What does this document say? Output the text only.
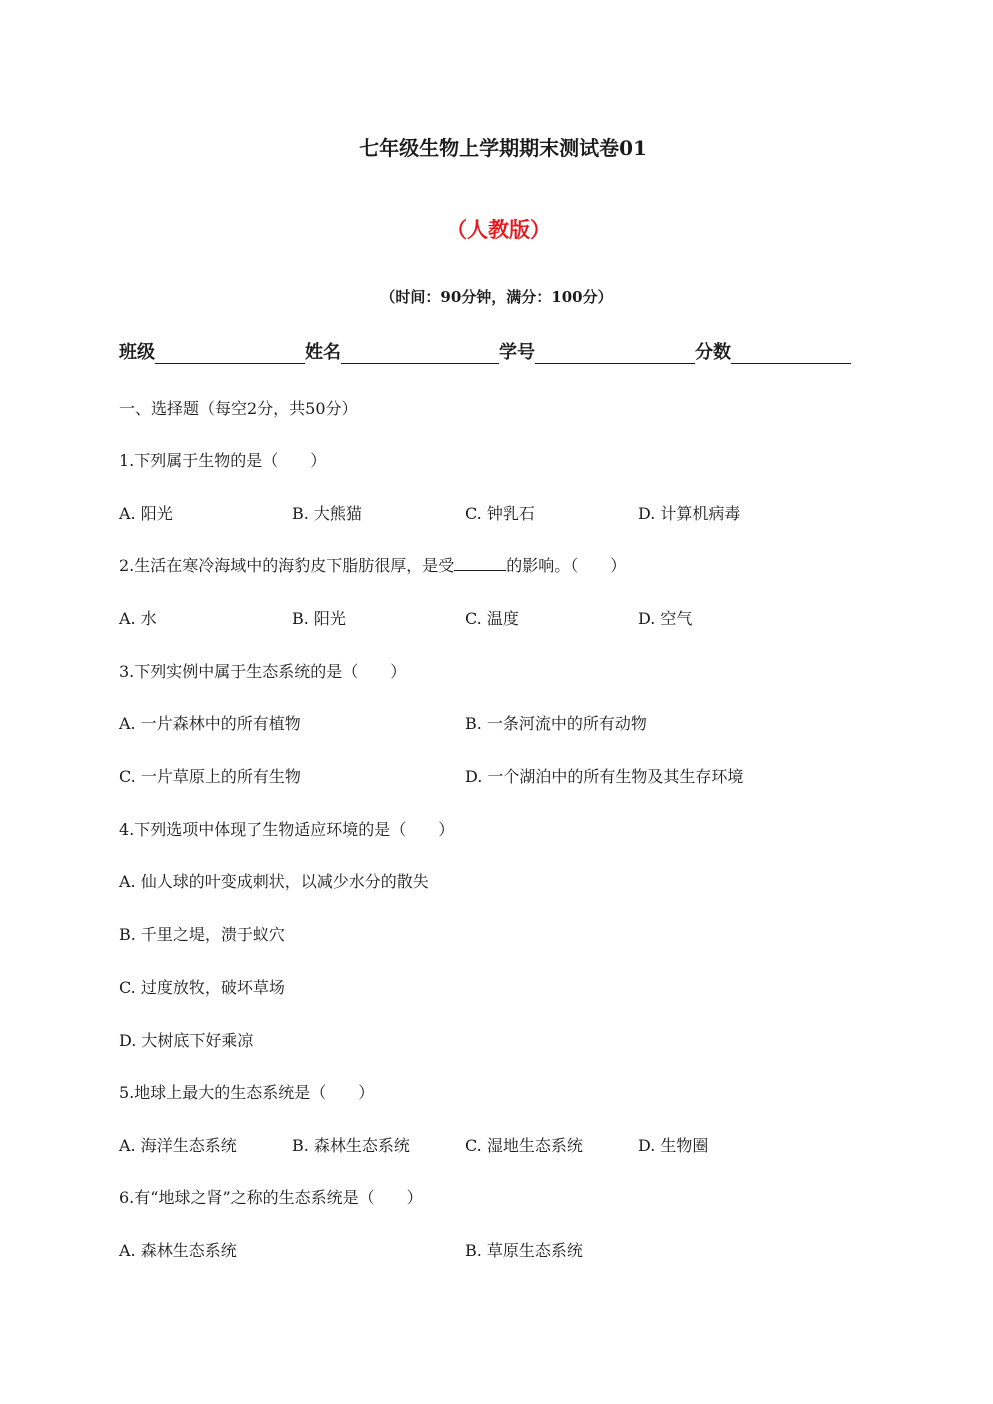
七年级生物上学期期末测试卷01
（人教版）
（时间：90分钟，满分：100分）
班级	姓名	学号	分数
一、选择题（每空2分，共50分）
1.下列属于生物的是（　　）
A. 阳光	B. 大熊猫	C. 钟乳石	D. 计算机病毒
2.生活在寒冷海域中的海豹皮下脂肪很厚，是受	的影响。（　　）
A. 水	B. 阳光	C. 温度	D. 空气
3.下列实例中属于生态系统的是（　　）
A. 一片森林中的所有植物	B. 一条河流中的所有动物
C. 一片草原上的所有生物	D. 一个湖泊中的所有生物及其生存环境
4.下列选项中体现了生物适应环境的是（　　）
A. 仙人球的叶变成刺状，以减少水分的散失
B. 千里之堤，溃于蚁穴
C. 过度放牧，破坏草场
D. 大树底下好乘凉
5.地球上最大的生态系统是（　　）
A. 海洋生态系统	B. 森林生态系统	C. 湿地生态系统	D. 生物圈
6.有“地球之肾”之称的生态系统是（　　）
A. 森林生态系统	B. 草原生态系统
